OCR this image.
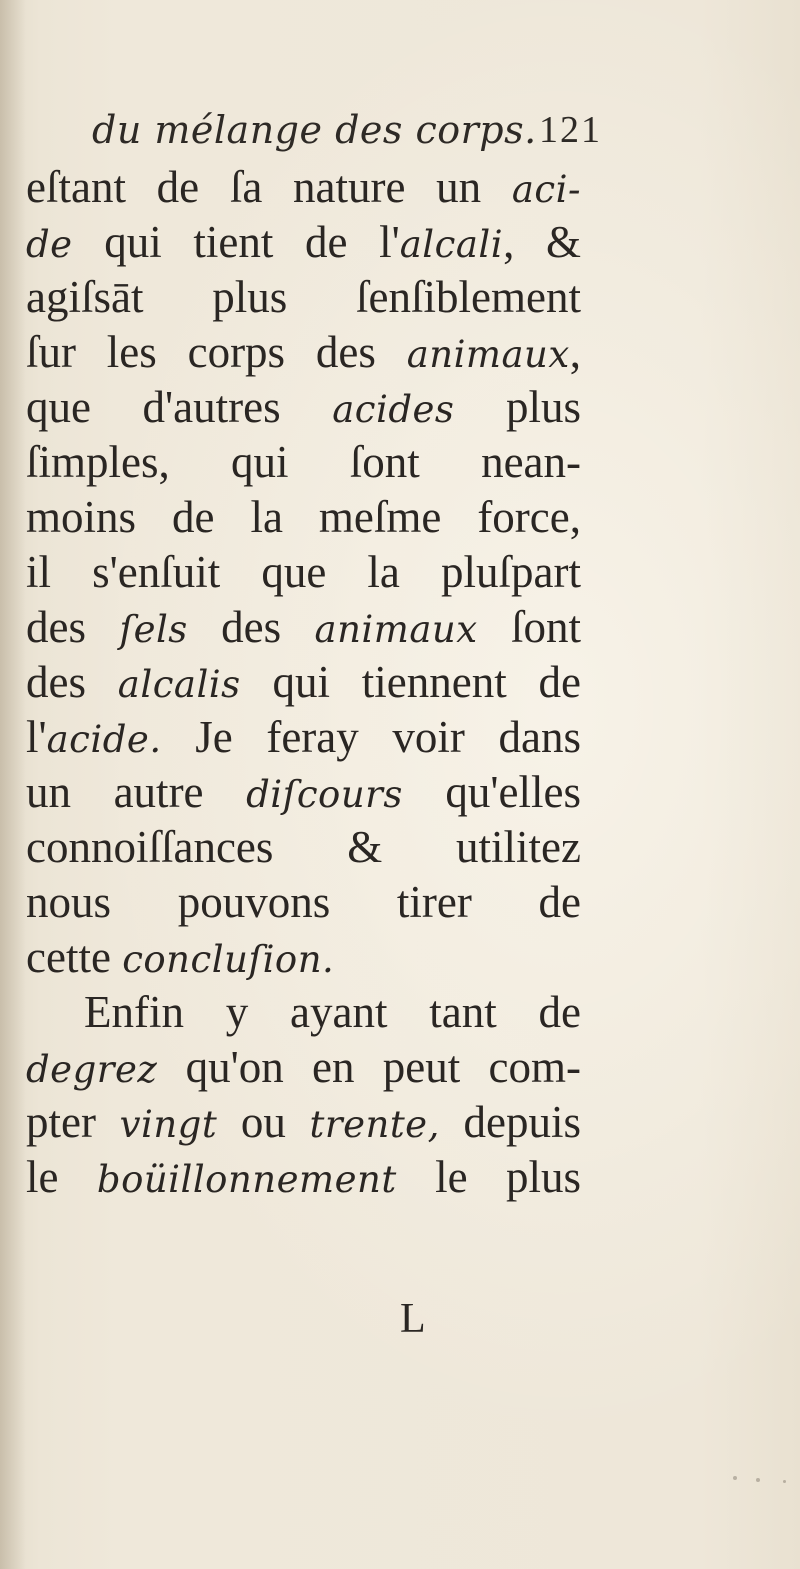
du mélange des corps. 121
eſtant de ſa nature un aci-
de qui tient de l'alcali, &
agiſsāt plus ſenſiblement
ſur les corps des animaux,
que d'autres acides plus
ſimples, qui ſont nean-
moins de la meſme force,
il s'enſuit que la pluſpart
des ſels des animaux ſont
des alcalis qui tiennent de
l'acide. Je feray voir dans
un autre diſcours qu'elles
connoiſſances & utilitez
nous pouvons tirer de
cette concluſion.
Enfin y ayant tant de
degrez qu'on en peut com-
pter vingt ou trente, depuis
le boüillonnement le plus
L
